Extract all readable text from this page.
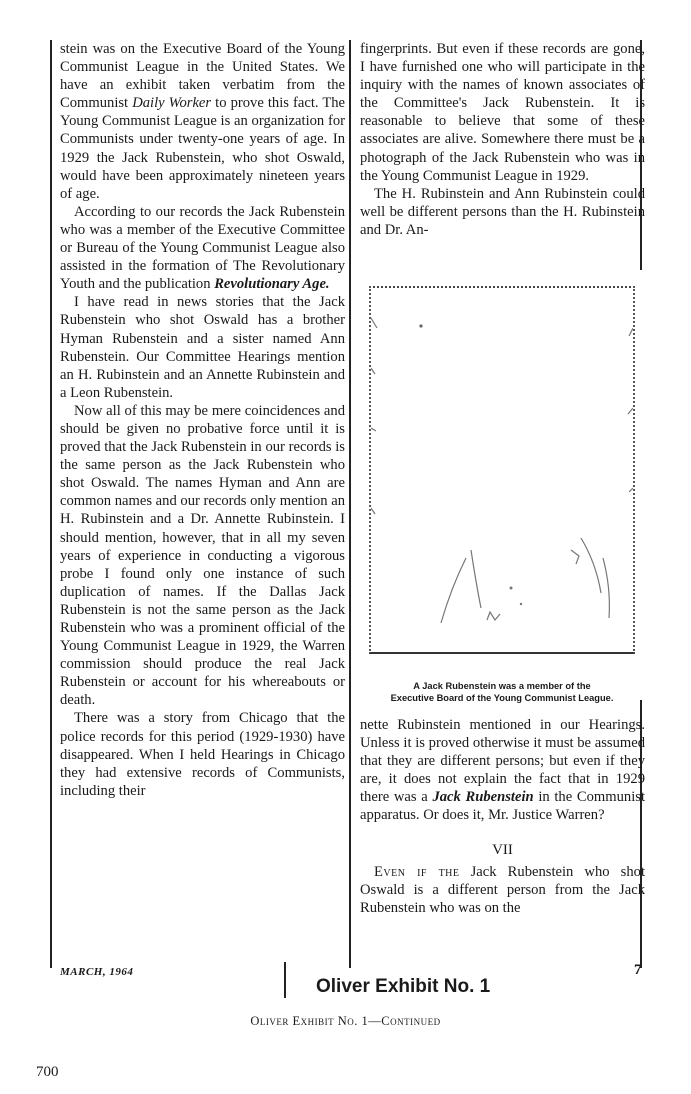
stein was on the Executive Board of the Young Communist League in the United States. We have an exhibit taken verbatim from the Communist Daily Worker to prove this fact. The Young Communist League is an organization for Communists under twenty-one years of age. In 1929 the Jack Rubenstein, who shot Oswald, would have been approximately nineteen years of age.

According to our records the Jack Rubenstein who was a member of the Executive Committee or Bureau of the Young Communist League also assisted in the formation of The Revolutionary Youth and the publication Revolutionary Age.

I have read in news stories that the Jack Rubenstein who shot Oswald has a brother Hyman Rubenstein and a sister named Ann Rubenstein. Our Committee Hearings mention an H. Rubinstein and an Annette Rubinstein and a Leon Rubenstein.

Now all of this may be mere coincidences and should be given no probative force until it is proved that the Jack Rubenstein in our records is the same person as the Jack Rubenstein who shot Oswald. The names Hyman and Ann are common names and our records only mention an H. Rubinstein and a Dr. Annette Rubinstein. I should mention, however, that in all my seven years of experience in conducting a vigorous probe I found only one instance of such duplication of names. If the Dallas Jack Rubenstein is not the same person as the Jack Rubenstein who was a prominent official of the Young Communist League in 1929, the Warren commission should produce the real Jack Rubenstein or account for his whereabouts or death.

There was a story from Chicago that the police records for this period (1929-1930) have disappeared. When I held Hearings in Chicago they had extensive records of Communists, including their

fingerprints. But even if these records are gone, I have furnished one who will participate in the inquiry with the names of known associates of the Committee's Jack Rubenstein. It is reasonable to believe that some of these associates are alive. Somewhere there must be a photograph of the Jack Rubenstein who was in the Young Communist League in 1929.

The H. Rubinstein and Ann Rubinstein could well be different persons than the H. Rubinstein and Dr. An-

A Jack Rubenstein was a member of the
Executive Board of the Young Communist League.

nette Rubinstein mentioned in our Hearings. Unless it is proved otherwise it must be assumed that they are different persons; but even if they are, it does not explain the fact that in 1929 there was a Jack Rubenstein in the Communist apparatus. Or does it, Mr. Justice Warren?

VII

Even if the Jack Rubenstein who shot Oswald is a different person from the Jack Rubenstein who was on the

MARCH, 1964	7
Oliver Exhibit No. 1
Oliver Exhibit No. 1—Continued
700
